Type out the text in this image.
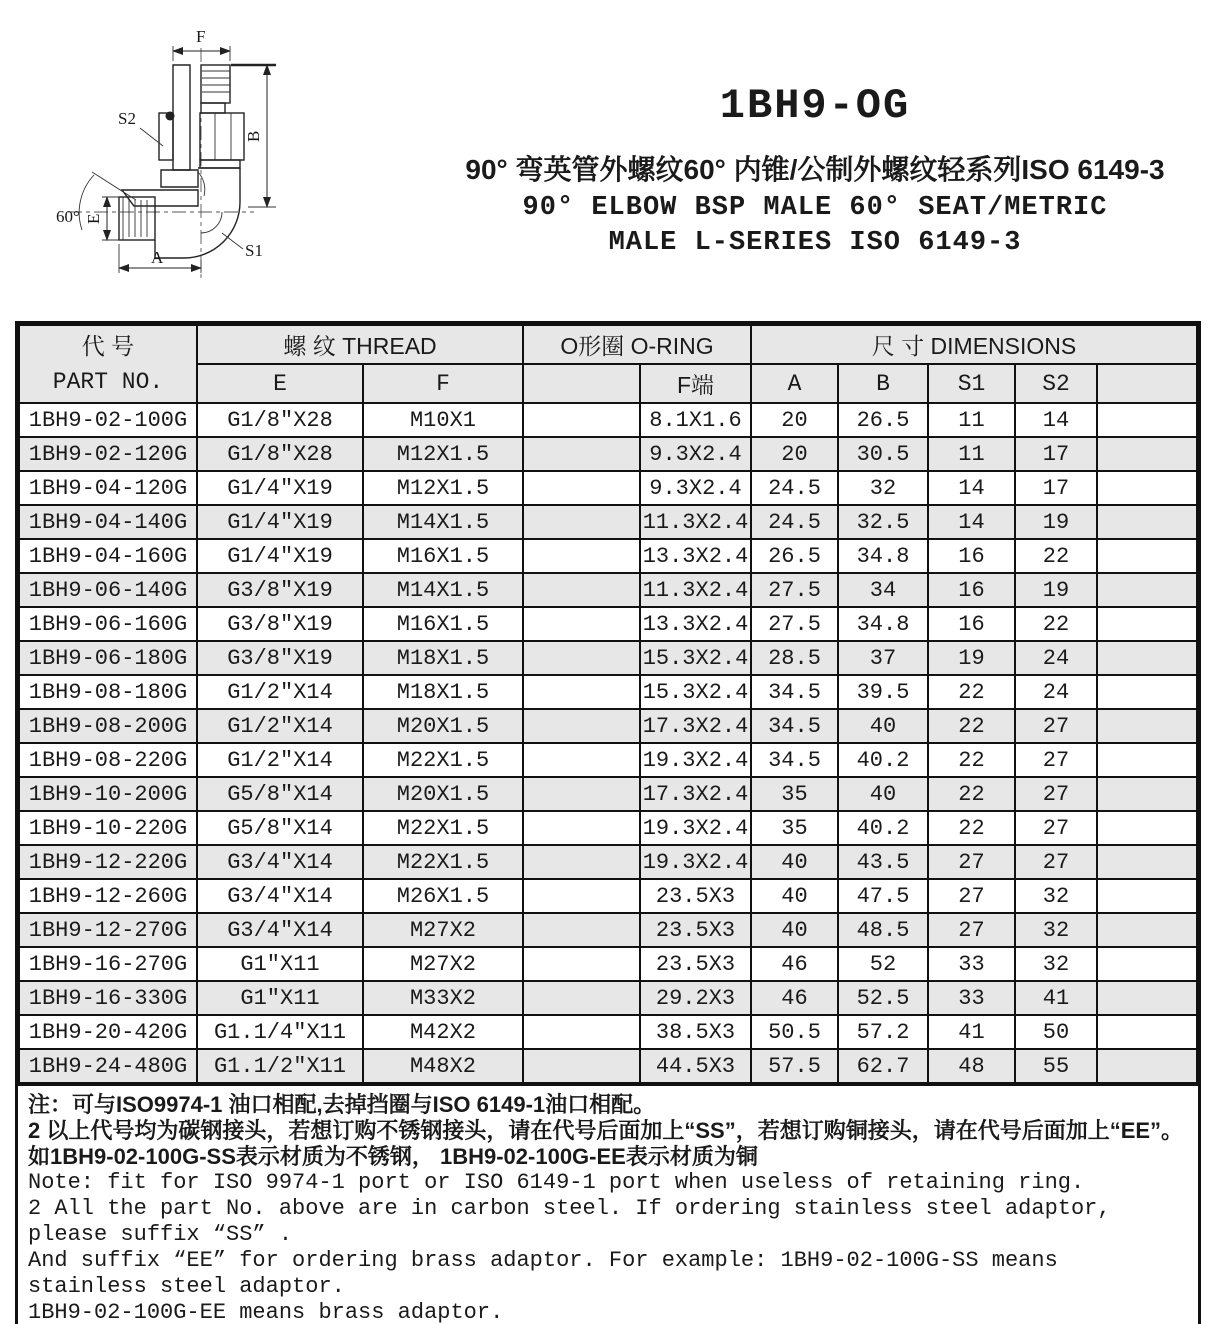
60°
F
B
E
A
S2
S1
1BH9-OG
90° 弯英管外螺纹60° 内锥/公制外螺纹轻系列ISO 6149-3
90° ELBOW BSP MALE 60° SEAT/METRIC
MALE L-SERIES ISO 6149-3
代 号
PART NO.	螺 纹 THREAD		O形圈 O-RING		尺 寸 DIMENSIONS				
	E	F		F端	A	B	S1	S2	
1BH9-02-100G	G1/8″X28	M10X1		8.1X1.6	20	26.5	11	14	
1BH9-02-120G	G1/8″X28	M12X1.5		9.3X2.4	20	30.5	11	17	
1BH9-04-120G	G1/4″X19	M12X1.5		9.3X2.4	24.5	32	14	17	
1BH9-04-140G	G1/4″X19	M14X1.5		11.3X2.4	24.5	32.5	14	19	
1BH9-04-160G	G1/4″X19	M16X1.5		13.3X2.4	26.5	34.8	16	22	
1BH9-06-140G	G3/8″X19	M14X1.5		11.3X2.4	27.5	34	16	19	
1BH9-06-160G	G3/8″X19	M16X1.5		13.3X2.4	27.5	34.8	16	22	
1BH9-06-180G	G3/8″X19	M18X1.5		15.3X2.4	28.5	37	19	24	
1BH9-08-180G	G1/2″X14	M18X1.5		15.3X2.4	34.5	39.5	22	24	
1BH9-08-200G	G1/2″X14	M20X1.5		17.3X2.4	34.5	40	22	27	
1BH9-08-220G	G1/2″X14	M22X1.5		19.3X2.4	34.5	40.2	22	27	
1BH9-10-200G	G5/8″X14	M20X1.5		17.3X2.4	35	40	22	27	
1BH9-10-220G	G5/8″X14	M22X1.5		19.3X2.4	35	40.2	22	27	
1BH9-12-220G	G3/4″X14	M22X1.5		19.3X2.4	40	43.5	27	27	
1BH9-12-260G	G3/4″X14	M26X1.5		23.5X3	40	47.5	27	32	
1BH9-12-270G	G3/4″X14	M27X2		23.5X3	40	48.5	27	32	
1BH9-16-270G	G1″X11	M27X2		23.5X3	46	52	33	32	
1BH9-16-330G	G1″X11	M33X2		29.2X3	46	52.5	33	41	
1BH9-20-420G	G1.1/4″X11	M42X2		38.5X3	50.5	57.2	41	50	
1BH9-24-480G	G1.1/2″X11	M48X2		44.5X3	57.5	62.7	48	55	
注：可与ISO9974-1 油口相配,去掉挡圈与ISO 6149-1油口相配。
2 以上代号均为碳钢接头，若想订购不锈钢接头，请在代号后面加上“SS”，若想订购铜接头，请在代号后面加上“EE”。
如1BH9-02-100G-SS表示材质为不锈钢， 1BH9-02-100G-EE表示材质为铜
Note: fit for ISO 9974-1 port or ISO 6149-1 port when useless of retaining ring.
2 All the part No. above are in carbon steel. If ordering stainless steel adaptor, please suffix “SS” .
And suffix “EE” for ordering brass adaptor. For example: 1BH9-02-100G-SS means stainless steel adaptor.
1BH9-02-100G-EE means brass adaptor.
